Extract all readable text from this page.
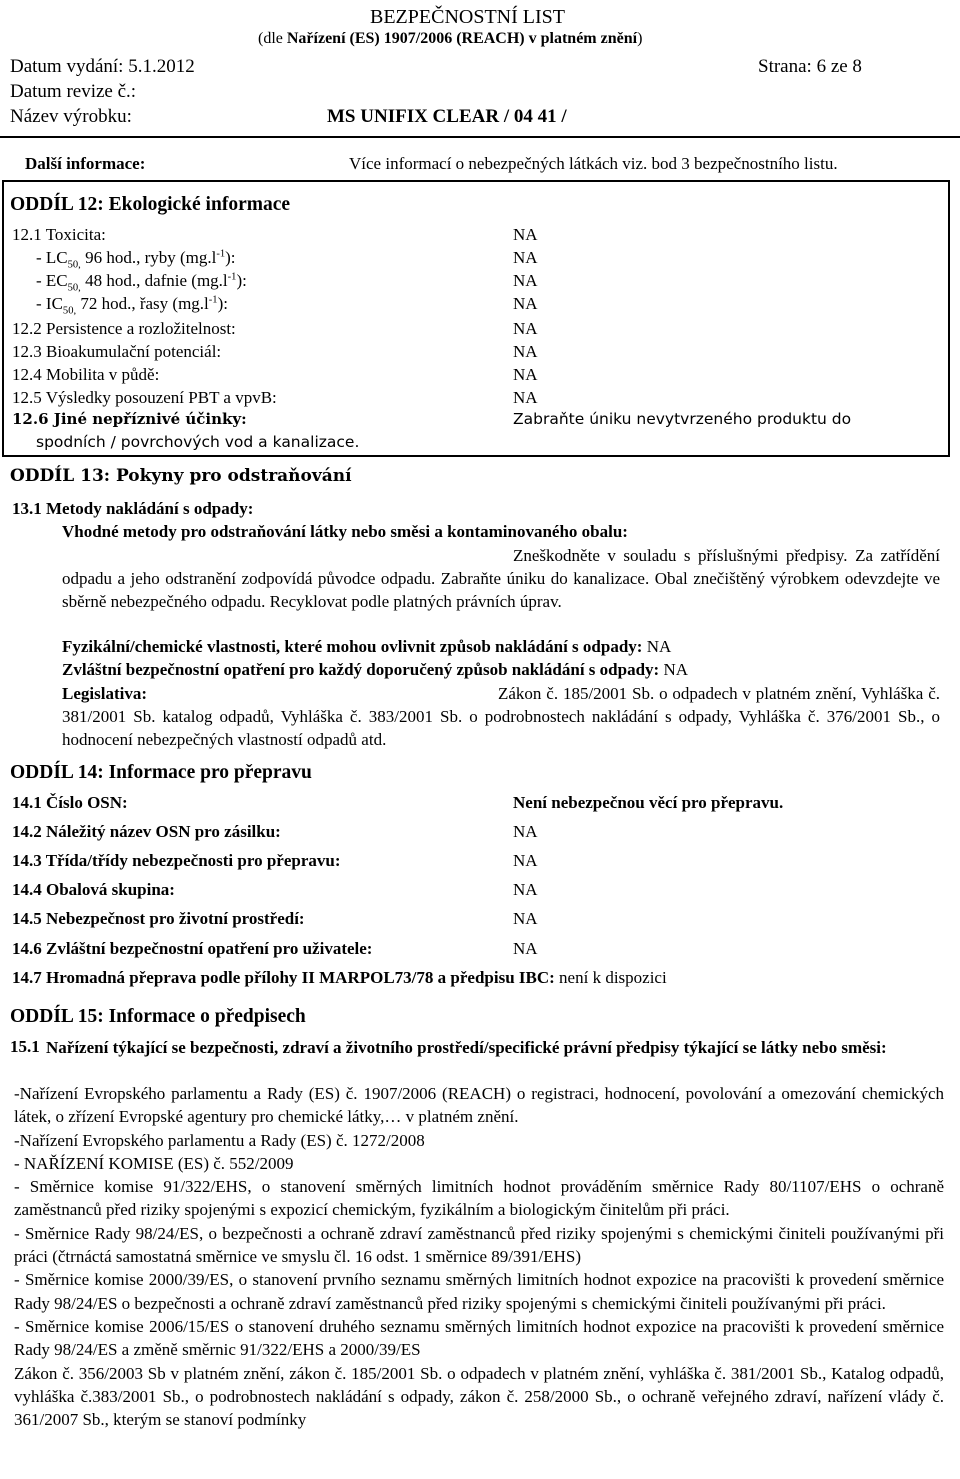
BEZPEČNOSTNÍ LIST
(dle Nařízení (ES) 1907/2006 (REACH) v platném znění)
Datum vydání: 5.1.2012	Strana: 6 ze 8
Datum revize č.:
Název výrobku:	MS UNIFIX CLEAR / 04 41 /
Další informace:	Více informací o nebezpečných látkách viz. bod 3 bezpečnostního listu.
ODDÍL 12: Ekologické informace
12.1 Toxicita:	NA
- $LC_{50,}$ 96 hod., ryby $(mg.l^{-1})$:	NA
- $EC_{50,}$ 48 hod., dafnie $(mg.l^{-1})$:	NA
- $IC_{50,}$ 72 hod., řasy $(mg.l^{-1})$:	NA
12.2 Persistence a rozložitelnost:	NA
12.3 Bioakumulační potenciál:	NA
12.4 Mobilita v půdě:	NA
12.5 Výsledky posouzení PBT a vpvB:	NA
12.6 Jiné nepříznivé účinky:	Zabraňte úniku nevytvrzeného produktu do
spodních / povrchových vod a kanalizace.
ODDÍL 13: Pokyny pro odstraňování
13.1 Metody nakládání s odpady:
Vhodné metody pro odstraňování látky nebo směsi a kontaminovaného obalu:
Zneškodněte v souladu s příslušnými předpisy. Za zatřídění odpadu a jeho odstranění zodpovídá původce odpadu. Zabraňte úniku do kanalizace. Obal znečištěný výrobkem odevzdejte ve sběrně nebezpečného odpadu. Recyklovat podle platných právních úprav.
Fyzikální/chemické vlastnosti, které mohou ovlivnit způsob nakládání s odpady: NA
Zvláštní bezpečnostní opatření pro každý doporučený způsob nakládání s odpady: NA
Legislativa:	Zákon č. 185/2001 Sb. o odpadech v platném znění, Vyhláška č. 381/2001 Sb. katalog odpadů, Vyhláška č. 383/2001 Sb. o podrobnostech nakládání s odpady, Vyhláška č. 376/2001 Sb., o hodnocení nebezpečných vlastností odpadů atd.
ODDÍL 14: Informace pro přepravu
14.1 Číslo OSN:	Není nebezpečnou věcí pro přepravu.
14.2 Náležitý název OSN pro zásilku:	NA
14.3 Třída/třídy nebezpečnosti pro přepravu:	NA
14.4 Obalová skupina:	NA
14.5 Nebezpečnost pro životní prostředí:	NA
14.6 Zvláštní bezpečnostní opatření pro uživatele:	NA
14.7 Hromadná přeprava podle přílohy II MARPOL73/78 a předpisu IBC: není k dispozici
ODDÍL 15: Informace o předpisech
15.1 Nařízení týkající se bezpečnosti, zdraví a životního prostředí/specifické právní předpisy týkající se látky nebo směsi:
-Nařízení Evropského parlamentu a Rady (ES) č. 1907/2006 (REACH) o registraci, hodnocení, povolování a omezování chemických látek, o zřízení Evropské agentury pro chemické látky,… v platném znění.
-Nařízení Evropského parlamentu a Rady (ES) č. 1272/2008
- NAŘÍZENÍ KOMISE (ES) č. 552/2009
- Směrnice komise 91/322/EHS, o stanovení směrných limitních hodnot prováděním směrnice Rady 80/1107/EHS o ochraně zaměstnanců před riziky spojenými s expozicí chemickým, fyzikálním a biologickým činitelům při práci.
- Směrnice Rady 98/24/ES, o bezpečnosti a ochraně zdraví zaměstnanců před riziky spojenými s chemickými činiteli používanými při práci (čtrnáctá samostatná směrnice ve smyslu čl. 16 odst. 1 směrnice 89/391/EHS)
- Směrnice komise 2000/39/ES, o stanovení prvního seznamu směrných limitních hodnot expozice na pracovišti k provedení směrnice Rady 98/24/ES o bezpečnosti a ochraně zdraví zaměstnanců před riziky spojenými s chemickými činiteli používanými při práci.
- Směrnice komise 2006/15/ES o stanovení druhého seznamu směrných limitních hodnot expozice na pracovišti k provedení směrnice Rady 98/24/ES a změně směrnic 91/322/EHS a 2000/39/ES
Zákon č. 356/2003 Sb v platném znění, zákon č. 185/2001 Sb. o odpadech v platném znění, vyhláška č. 381/2001 Sb., Katalog odpadů, vyhláška č.383/2001 Sb., o podrobnostech nakládání s odpady, zákon č. 258/2000 Sb., o ochraně veřejného zdraví, nařízení vlády č. 361/2007 Sb., kterým se stanoví podmínky
